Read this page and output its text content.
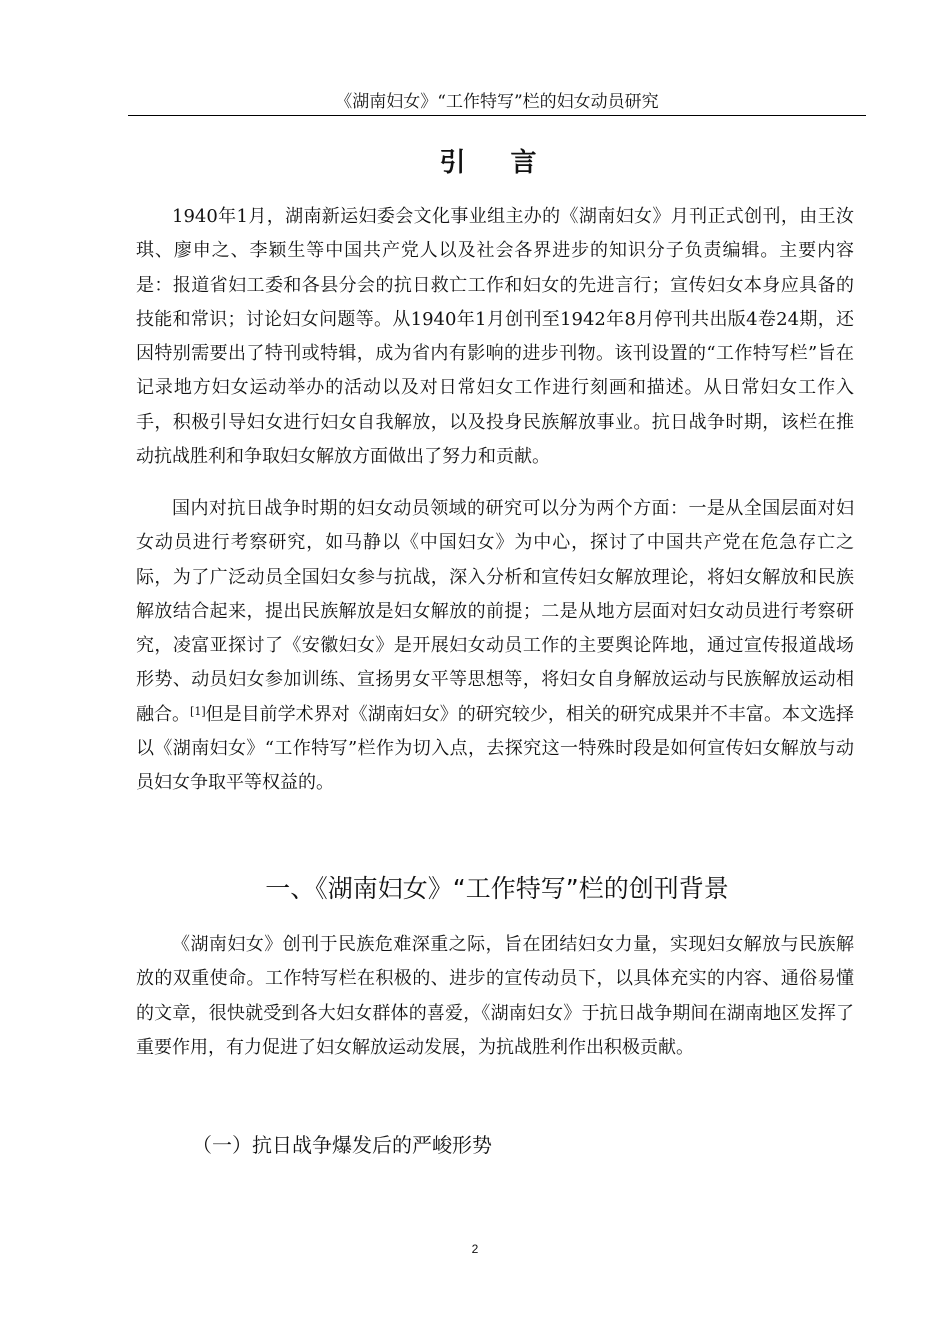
《湖南妇女》“工作特写”栏的妇女动员研究
引 言

1940年1月，湖南新运妇委会文化事业组主办的《湖南妇女》月刊正式创刊，由王汝琪、廖申之、李颖生等中国共产党人以及社会各界进步的知识分子负责编辑。主要内容是：报道省妇工委和各县分会的抗日救亡工作和妇女的先进言行；宣传妇女本身应具备的技能和常识；讨论妇女问题等。从1940年1月创刊至1942年8月停刊共出版4卷24期，还因特别需要出了特刊或特辑，成为省内有影响的进步刊物。该刊设置的“工作特写栏”旨在记录地方妇女运动举办的活动以及对日常妇女工作进行刻画和描述。从日常妇女工作入手，积极引导妇女进行妇女自我解放，以及投身民族解放事业。抗日战争时期，该栏在推动抗战胜利和争取妇女解放方面做出了努力和贡献。

国内对抗日战争时期的妇女动员领域的研究可以分为两个方面：一是从全国层面对妇女动员进行考察研究，如马静以《中国妇女》为中心，探讨了中国共产党在危急存亡之际，为了广泛动员全国妇女参与抗战，深入分析和宣传妇女解放理论，将妇女解放和民族解放结合起来，提出民族解放是妇女解放的前提；二是从地方层面对妇女动员进行考察研究，凌富亚探讨了《安徽妇女》是开展妇女动员工作的主要舆论阵地，通过宣传报道战场形势、动员妇女参加训练、宣扬男女平等思想等，将妇女自身解放运动与民族解放运动相融合。[1]但是目前学术界对《湖南妇女》的研究较少，相关的研究成果并不丰富。本文选择以《湖南妇女》“工作特写”栏作为切入点，去探究这一特殊时段是如何宣传妇女解放与动员妇女争取平等权益的。

一、《湖南妇女》“工作特写”栏的创刊背景

《湖南妇女》创刊于民族危难深重之际，旨在团结妇女力量，实现妇女解放与民族解放的双重使命。工作特写栏在积极的、进步的宣传动员下，以具体充实的内容、通俗易懂的文章，很快就受到各大妇女群体的喜爱，《湖南妇女》于抗日战争期间在湖南地区发挥了重要作用，有力促进了妇女解放运动发展，为抗战胜利作出积极贡献。

（一）抗日战争爆发后的严峻形势
2
